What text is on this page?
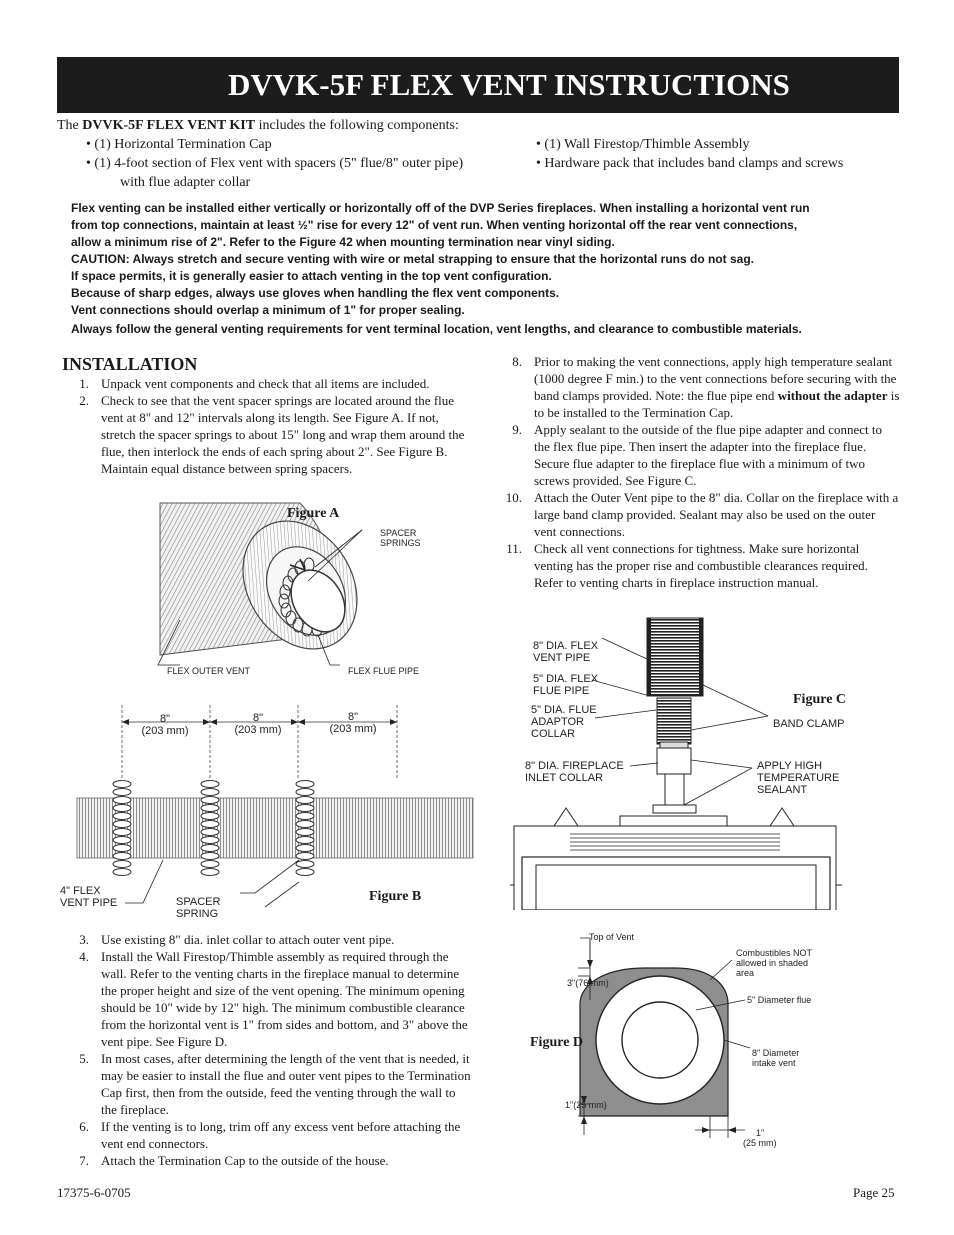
DVVK-5F FLEX VENT INSTRUCTIONS
The DVVK-5F FLEX VENT KIT includes the following components:
• (1) Horizontal Termination Cap
• (1) 4-foot section of Flex vent with spacers (5" flue/8" outer pipe)
with flue adapter collar
• (1) Wall Firestop/Thimble Assembly
• Hardware pack that includes band clamps and screws

Flex venting can be installed either vertically or horizontally off of the DVP Series fireplaces. When installing a horizontal vent run

from top connections, maintain at least ½" rise for every 12" of vent run. When venting horizontal off the rear vent connections,

allow a minimum rise of 2". Refer to the Figure 42 when mounting termination near vinyl siding.

CAUTION: Always stretch and secure venting with wire or metal strapping to ensure that the horizontal runs do not sag.

If space permits, it is generally easier to attach venting in the top vent configuration.

Because of sharp edges, always use gloves when handling the flex vent components.

Vent connections should overlap a minimum of 1" for proper sealing.

Always follow the general venting requirements for vent terminal location, vent lengths, and clearance to combustible materials.

INSTALLATION
1. Unpack vent components and check that all items are included.
2. Check to see that the vent spacer springs are located around the flue vent at 8" and 12" intervals along its length. See Figure A. If not, stretch the spacer springs to about 15" long and wrap them around the flue, then interlock the ends of each spring about 2". See Figure B. Maintain equal distance between spring spacers.
8. Prior to making the vent connections, apply high temperature sealant (1000 degree F min.) to the vent connections before securing with the band clamps provided. Note: the flue pipe end without the adapter is to be installed to the Termination Cap.
9. Apply sealant to the outside of the flue pipe adapter and connect to the flex flue pipe. Then insert the adapter into the fireplace flue. Secure flue adapter to the fireplace flue with a minimum of two screws provided. See Figure C.
10. Attach the Outer Vent pipe to the 8" dia. Collar on the fireplace with a large band clamp provided. Sealant may also be used on the outer vent connections.
11. Check all vent connections for tightness. Make sure horizontal venting has the proper rise and combustible clearances required. Refer to venting charts in fireplace instruction manual.
3. Use existing 8" dia. inlet collar to attach outer vent pipe.
4. Install the Wall Firestop/Thimble assembly as required through the wall. Refer to the venting charts in the fireplace manual to determine the proper height and size of the vent opening. The minimum opening should be 10" wide by 12" high. The minimum combustible clearance from the horizontal vent is 1" from sides and bottom, and 3" above the vent pipe. See Figure D.
5. In most cases, after determining the length of the vent that is needed, it may be easier to install the flue and outer vent pipes to the Termination Cap first, then from the outside, feed the venting through the wall to the fireplace.
6. If the venting is to long, trim off any excess vent before attaching the vent end connectors.
7. Attach the Termination Cap to the outside of the house.
Figure A
SPACER
SPRINGS
FLEX OUTER VENT	FLEX FLUE PIPE
8"
(203 mm)
8"
(203 mm)
8"
(203 mm)
4" FLEX
VENT PIPE	SPACER
SPRING
Figure B
8" DIA. FLEX
VENT PIPE
5" DIA. FLEX
FLUE PIPE
5" DIA. FLUE
ADAPTOR
COLLAR
8" DIA. FIREPLACE
INLET COLLAR
Figure C
BAND CLAMP
APPLY HIGH
TEMPERATURE
SEALANT
Top of Vent
Combustibles NOT
allowed in shaded
area
3"(76 mm)
5" Diameter flue
Figure D
8" Diameter
intake vent
1"(25 mm)
1"
(25 mm)
17375-6-0705	Page 25
